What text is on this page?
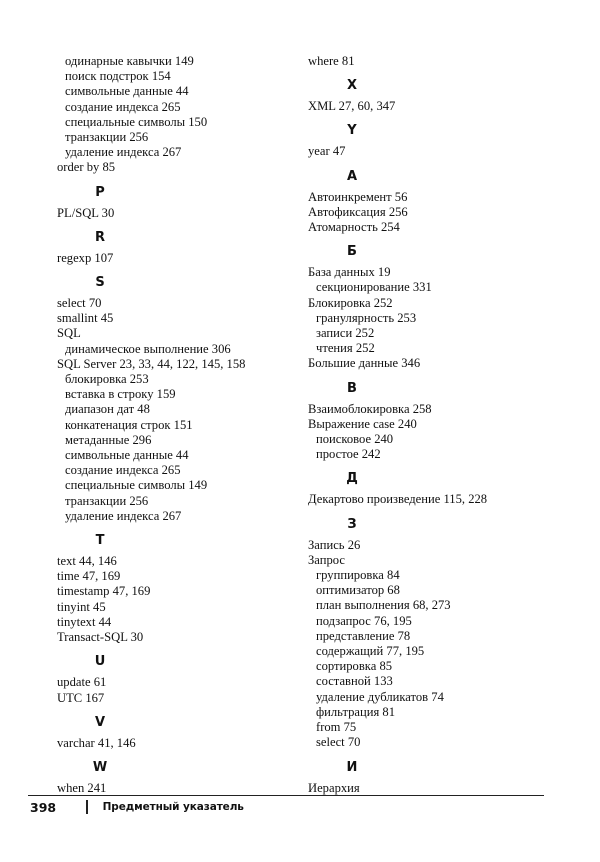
одинарные кавычки 149
поиск подстрок 154
символьные данные 44
создание индекса 265
специальные символы 150
транзакции 256
удаление индекса 267
order by 85
P
PL/SQL 30
R
regexp 107
S
select 70
smallint 45
SQL
динамическое выполнение 306
SQL Server 23, 33, 44, 122, 145, 158
блокировка 253
вставка в строку 159
диапазон дат 48
конкатенация строк 151
метаданные 296
символьные данные 44
создание индекса 265
специальные символы 149
транзакции 256
удаление индекса 267
T
text 44, 146
time 47, 169
timestamp 47, 169
tinyint 45
tinytext 44
Transact-SQL 30
U
update 61
UTC 167
V
varchar 41, 146
W
when 241
where 81
X
XML 27, 60, 347
Y
year 47
А
Автоинкремент 56
Автофиксация 256
Атомарность 254
Б
База данных 19
секционирование 331
Блокировка 252
гранулярность 253
записи 252
чтения 252
Большие данные 346
В
Взаимоблокировка 258
Выражение case 240
поисковое 240
простое 242
Д
Декартово произведение 115, 228
З
Запись 26
Запрос
группировка 84
оптимизатор 68
план выполнения 68, 273
подзапрос 76, 195
представление 78
содержащий 77, 195
сортировка 85
составной 133
удаление дубликатов 74
фильтрация 81
from 75
select 70
И
Иерархия
398	Предметный указатель
